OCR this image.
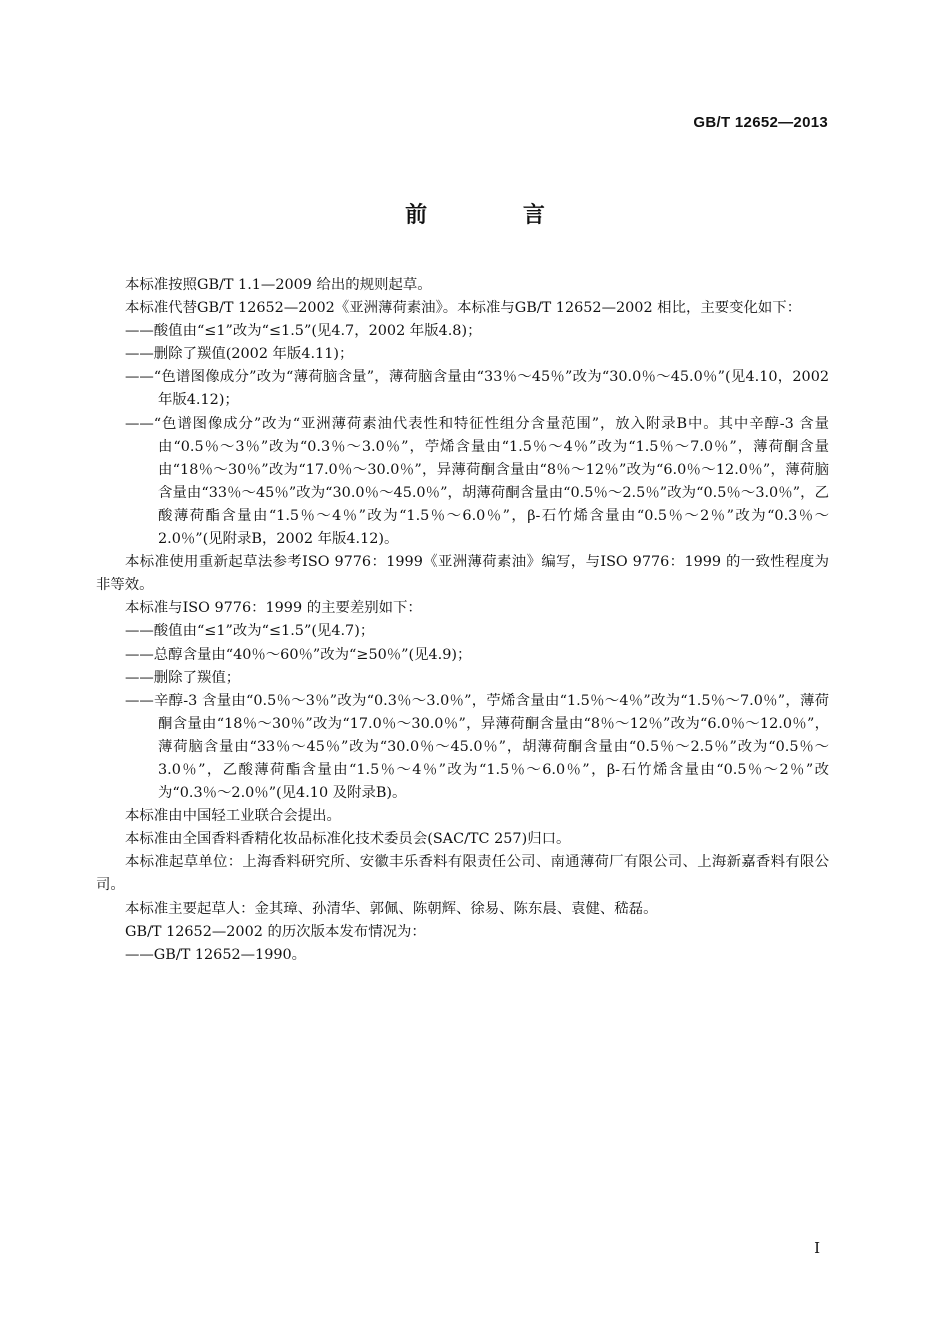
GB/T 12652—2013
前 言

本标准按照GB/T 1.1—2009 给出的规则起草。

本标准代替GB/T 12652—2002《亚洲薄荷素油》。本标准与GB/T 12652—2002 相比，主要变化如下：

——酸值由“≤1”改为“≤1.5”(见4.7，2002 年版4.8)；

——删除了羰值(2002 年版4.11)；

——“色谱图像成分”改为“薄荷脑含量”，薄荷脑含量由“33％～45％”改为“30.0％～45.0％”(见4.10，2002 年版4.12)；

——“色谱图像成分”改为“亚洲薄荷素油代表性和特征性组分含量范围”，放入附录B中。其中辛醇-3 含量由“0.5％～3％”改为“0.3％～3.0％”，苧烯含量由“1.5％～4％”改为“1.5％～7.0％”，薄荷酮含量由“18％～30％”改为“17.0％～30.0％”，异薄荷酮含量由“8％～12％”改为“6.0％～12.0％”，薄荷脑含量由“33％～45％”改为“30.0％～45.0％”，胡薄荷酮含量由“0.5％～2.5％”改为“0.5％～3.0％”，乙酸薄荷酯含量由“1.5％～4％”改为“1.5％～6.0％”，β-石竹烯含量由“0.5％～2％”改为“0.3％～2.0％”(见附录B，2002 年版4.12)。

本标准使用重新起草法参考ISO 9776：1999《亚洲薄荷素油》编写，与ISO 9776：1999 的一致性程度为非等效。

本标准与ISO 9776：1999 的主要差别如下：

——酸值由“≤1”改为“≤1.5”(见4.7)；

——总醇含量由“40％～60％”改为“≥50％”(见4.9)；

——删除了羰值；

——辛醇-3 含量由“0.5％～3％”改为“0.3％～3.0％”，苧烯含量由“1.5％～4％”改为“1.5％～7.0％”，薄荷酮含量由“18％～30％”改为“17.0％～30.0％”，异薄荷酮含量由“8％～12％”改为“6.0％～12.0％”，薄荷脑含量由“33％～45％”改为“30.0％～45.0％”，胡薄荷酮含量由“0.5％～2.5％”改为“0.5％～3.0％”，乙酸薄荷酯含量由“1.5％～4％”改为“1.5％～6.0％”，β-石竹烯含量由“0.5％～2％”改为“0.3％～2.0％”(见4.10 及附录B)。

本标准由中国轻工业联合会提出。

本标准由全国香料香精化妆品标准化技术委员会(SAC/TC 257)归口。

本标准起草单位：上海香料研究所、安徽丰乐香料有限责任公司、南通薄荷厂有限公司、上海新嘉香料有限公司。

本标准主要起草人：金其璋、孙清华、郭佩、陈朝辉、徐易、陈东晨、袁健、嵇磊。

GB/T 12652—2002 的历次版本发布情况为：

——GB/T 12652—1990。

I
